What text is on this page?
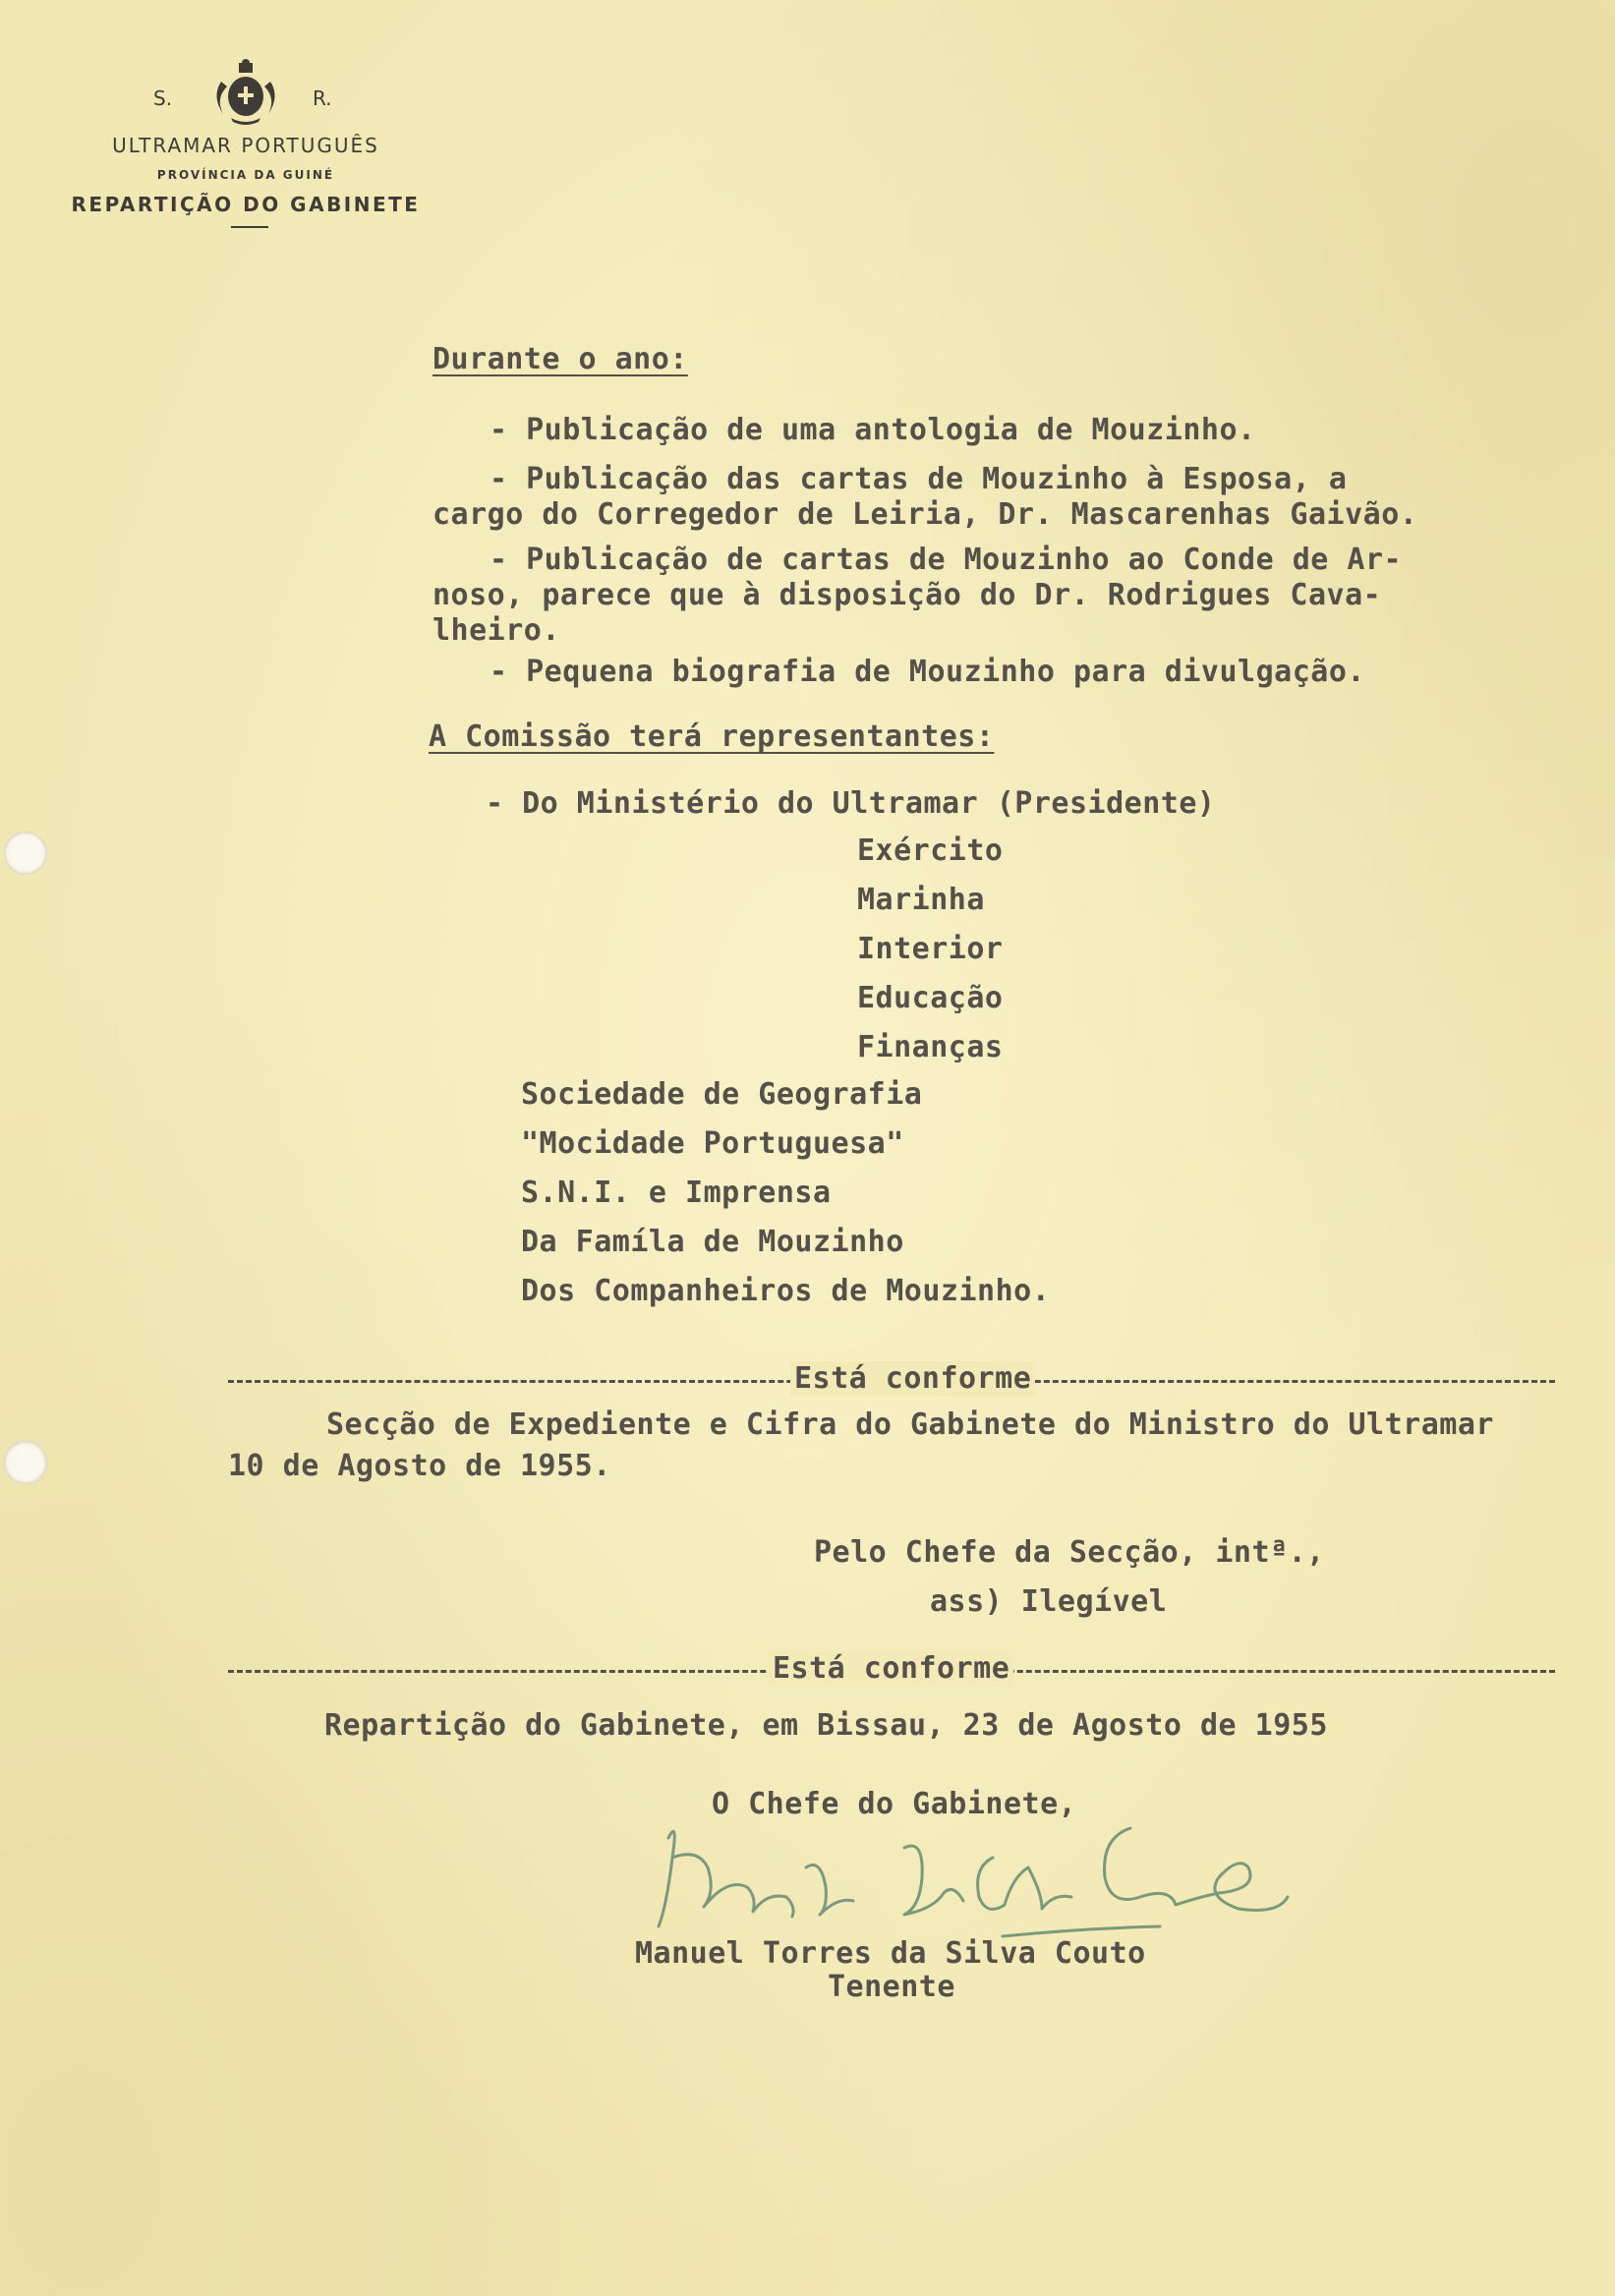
S.	R.
ULTRAMAR PORTUGUÊS
PROVÍNCIA DA GUINÉ
REPARTIÇÃO DO GABINETE
Durante o ano:
- Publicação de uma antologia de Mouzinho.
- Publicação das cartas de Mouzinho à Esposa, a
cargo do Corregedor de Leiria, Dr. Mascarenhas Gaivão.
- Publicação de cartas de Mouzinho ao Conde de Ar-
noso, parece que à disposição do Dr. Rodrigues Cava-
lheiro.
- Pequena biografia de Mouzinho para divulgação.
A Comissão terá representantes:
- Do Ministério do Ultramar (Presidente)
Exército
Marinha
Interior
Educação
Finanças
Sociedade de Geografia
"Mocidade Portuguesa"
S.N.I. e Imprensa
Da Famíla de Mouzinho
Dos Companheiros de Mouzinho.
Está conforme
Secção de Expediente e Cifra do Gabinete do Ministro do Ultramar
10 de Agosto de 1955.
Pelo Chefe da Secção, intª.,
ass) Ilegível
Está conforme
Repartição do Gabinete, em Bissau, 23 de Agosto de 1955
O Chefe do Gabinete,
Manuel Torres da Silva Couto
Tenente
